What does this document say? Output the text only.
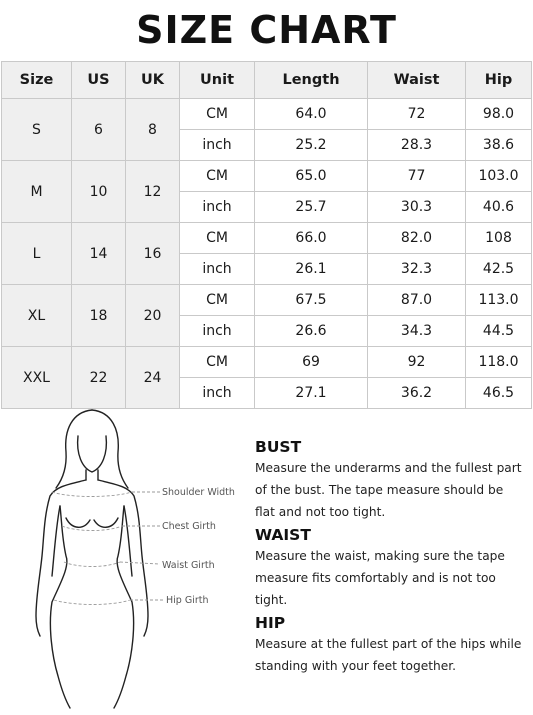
SIZE CHART
Size	US	UK	Unit	Length	Waist	Hip
S	6	8	CM	64.0	72	98.0
			inch	25.2	28.3	38.6
M	10	12	CM	65.0	77	103.0
			inch	25.7	30.3	40.6
L	14	16	CM	66.0	82.0	108
			inch	26.1	32.3	42.5
XL	18	20	CM	67.5	87.0	113.0
			inch	26.6	34.3	44.5
XXL	22	24	CM	69	92	118.0
			inch	27.1	36.2	46.5
Shoulder Width
Chest Girth
Waist Girth
Hip Girth
BUST

Measure the underarms and the fullest part of the bust. The tape measure should be flat and not too tight.

WAIST

Measure the waist, making sure the tape measure fits comfortably and is not too tight.

HIP

Measure at the fullest part of the hips while standing with your feet together.
